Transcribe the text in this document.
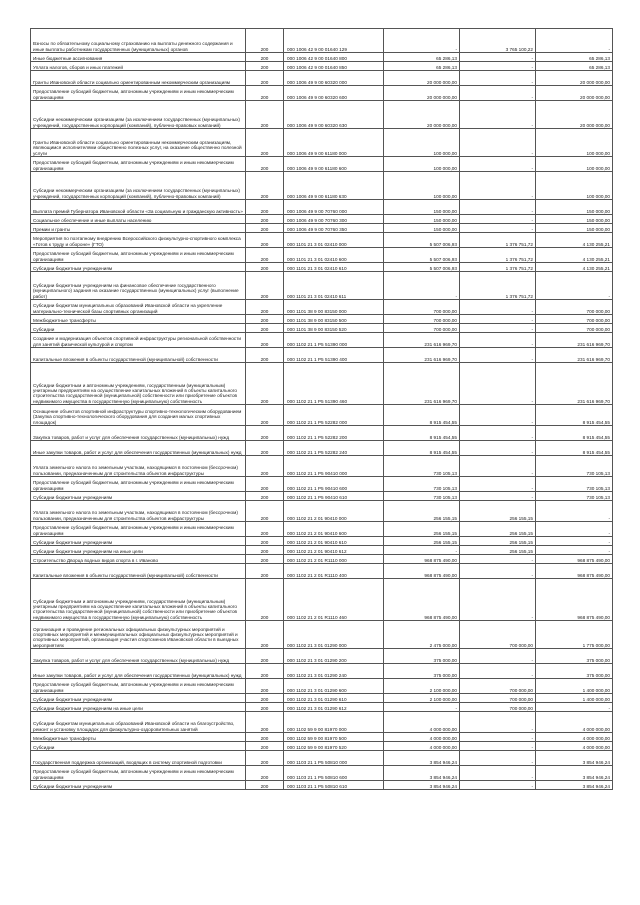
Взносы по обязательному социальному страхованию на выплаты денежного содержания и иные выплаты работникам государственных (муниципальных) органов	200	000 1006 42 9 00 01640 129	-	3 765 100,22	-
Иные бюджетные ассигнования	200	000 1006 42 9 00 01640 800	65 286,13	-	65 286,13
Уплата налогов, сборов и иных платежей	200	000 1006 42 9 00 01640 850	65 286,13	-	65 286,13
Гранты Ивановской области социально ориентированным некоммерческим организациям	200	000 1006 49 9 00 60320 000	20 000 000,00	-	20 000 000,00
Предоставление субсидий бюджетным, автономным учреждениям и иным некоммерческим организациям	200	000 1006 49 9 00 60320 600	20 000 000,00	-	20 000 000,00
Субсидии некоммерческим организациям (за исключением государственных (муниципальных) учреждений, государственных корпораций (компаний), публично-правовых компаний)	200	000 1006 49 9 00 60320 630	20 000 000,00	-	20 000 000,00
Гранты Ивановской области социально ориентированным некоммерческим организациям, являющимся исполнителями общественно полезных услуг, на оказание общественно полезной услуги	200	000 1006 49 9 00 61180 000	100 000,00	-	100 000,00
Предоставление субсидий бюджетным, автономным учреждениям и иным некоммерческим организациям	200	000 1006 49 9 00 61180 600	100 000,00	-	100 000,00
Субсидии некоммерческим организациям (за исключением государственных (муниципальных) учреждений, государственных корпораций (компаний), публично-правовых компаний)	200	000 1006 49 9 00 61180 630	100 000,00	-	100 000,00
Выплата премий Губернатора Ивановской области «За социальную и гражданскую активность»	200	000 1006 49 9 00 70760 000	150 000,00	-	150 000,00
Социальное обеспечение и иные выплаты населению	200	000 1006 49 9 00 70760 300	150 000,00	-	150 000,00
Премии и гранты	200	000 1006 49 9 00 70760 350	150 000,00	-	150 000,00
Мероприятия по поэтапному внедрению Всероссийского физкультурно-спортивного комплекса «Готов к труду и обороне» (ГТО)	200	000 1101 21 3 01 02410 000	5 507 006,93	1 376 751,72	4 130 255,21
Предоставление субсидий бюджетным, автономным учреждениям и иным некоммерческим организациям	200	000 1101 21 3 01 02410 600	5 507 006,93	1 376 751,72	4 130 255,21
Субсидии бюджетным учреждениям	200	000 1101 21 3 01 02410 610	5 507 006,93	1 376 751,72	4 130 255,21
Субсидии бюджетным учреждениям на финансовое обеспечение государственного (муниципального) задания на оказание государственных (муниципальных) услуг (выполнение работ)	200	000 1101 21 3 01 02410 611	-	1 376 751,72	-
Субсидии бюджетам муниципальных образований Ивановской области на укрепление материально-технической базы спортивных организаций	200	000 1101 38 9 00 83150 000	700 000,00	-	700 000,00
Межбюджетные трансферты	200	000 1101 38 9 00 83150 500	700 000,00	-	700 000,00
Субсидии	200	000 1101 38 9 00 83150 520	700 000,00	-	700 000,00
Создание и модернизация объектов спортивной инфраструктуры региональной собственности для занятий физической культурой и спортом	200	000 1102 21 1 P5 51390 000	231 616 969,70	-	231 616 969,70
Капитальные вложения в объекты государственной (муниципальной) собственности	200	000 1102 21 1 P5 51390 400	231 616 969,70	-	231 616 969,70
Субсидии бюджетным и автономным учреждениям, государственным (муниципальным) унитарным предприятиям на осуществление капитальных вложений в объекты капитального строительства государственной (муниципальной) собственности или приобретение объектов недвижимого имущества в государственную (муниципальную) собственность	200	000 1102 21 1 P5 51390 460	231 616 969,70	-	231 616 969,70
Оснащение объектов спортивной инфраструктуры спортивно-технологическим оборудованием (Закупка спортивно-технологического оборудования для создания малых спортивных площадок)	200	000 1102 21 1 P5 52282 000	8 915 454,55	-	8 915 454,55
Закупка товаров, работ и услуг для обеспечения государственных (муниципальных) нужд	200	000 1102 21 1 P5 52282 200	8 915 454,55	-	8 915 454,55
Иные закупки товаров, работ и услуг для обеспечения государственных (муниципальных) нужд	200	000 1102 21 1 P5 52282 240	8 915 454,55	-	8 915 454,55
Уплата земельного налога по земельным участкам, находящимся в постоянном (бессрочном) пользовании, предназначенным для строительства объектов инфраструктуры	200	000 1102 21 1 P5 90410 000	730 105,13	-	730 105,13
Предоставление субсидий бюджетным, автономным учреждениям и иным некоммерческим организациям	200	000 1102 21 1 P5 90410 600	730 105,13	-	730 105,13
Субсидии бюджетным учреждениям	200	000 1102 21 1 P5 90410 610	730 105,13	-	730 105,13
Уплата земельного налога по земельным участкам, находящимся в постоянном (бессрочном) пользовании, предназначенным для строительства объектов инфраструктуры	200	000 1102 21 2 01 90410 000	256 155,15	256 155,15	-
Предоставление субсидий бюджетным, автономным учреждениям и иным некоммерческим организациям	200	000 1102 21 2 01 90410 600	256 155,15	256 155,15	-
Субсидии бюджетным учреждениям	200	000 1102 21 2 01 90410 610	256 155,15	256 155,15	-
Субсидии бюджетным учреждениям на иные цели	200	000 1102 21 2 01 90410 612	-	256 155,15	-
Строительство Дворца водных видов спорта в г. Иваново	200	000 1102 21 2 01 R1110 000	968 875 490,00	-	968 875 490,00
Капитальные вложения в объекты государственной (муниципальной) собственности	200	000 1102 21 2 01 R1110 400	968 875 490,00	-	968 875 490,00
Субсидии бюджетным и автономным учреждениям, государственным (муниципальным) унитарным предприятиям на осуществление капитальных вложений в объекты капитального строительства государственной (муниципальной) собственности или приобретение объектов недвижимого имущества в государственную (муниципальную) собственность	200	000 1102 21 2 01 R1110 460	968 875 490,00	-	968 875 490,00
Организация и проведение региональных официальных физкультурных мероприятий и спортивных мероприятий и межмуниципальных официальных физкультурных мероприятий и спортивных мероприятий, организация участия спортсменов Ивановской области в выездных мероприятиях	200	000 1102 21 3 01 01290 000	2 475 000,00	700 000,00	1 775 000,00
Закупка товаров, работ и услуг для обеспечения государственных (муниципальных) нужд	200	000 1102 21 3 01 01290 200	375 000,00	-	375 000,00
Иные закупки товаров, работ и услуг для обеспечения государственных (муниципальных) нужд	200	000 1102 21 3 01 01290 240	375 000,00	-	375 000,00
Предоставление субсидий бюджетным, автономным учреждениям и иным некоммерческим организациям	200	000 1102 21 3 01 01290 600	2 100 000,00	700 000,00	1 400 000,00
Субсидии бюджетным учреждениям	200	000 1102 21 3 01 01290 610	2 100 000,00	700 000,00	1 400 000,00
Субсидии бюджетным учреждениям на иные цели	200	000 1102 21 3 01 01290 612	-	700 000,00	-
Субсидии бюджетам муниципальных образований Ивановской области на благоустройство, ремонт и установку площадок для физкультурно-оздоровительных занятий	200	000 1102 59 9 00 81970 000	4 000 000,00	-	4 000 000,00
Межбюджетные трансферты	200	000 1102 59 9 00 81970 500	4 000 000,00	-	4 000 000,00
Субсидии	200	000 1102 59 9 00 81970 520	4 000 000,00	-	4 000 000,00
Государственная поддержка организаций, входящих в систему спортивной подготовки	200	000 1103 21 1 P5 50810 000	3 854 946,24	-	3 854 946,24
Предоставление субсидий бюджетным, автономным учреждениям и иным некоммерческим организациям	200	000 1103 21 1 P5 50810 600	3 854 946,24	-	3 854 946,24
Субсидии бюджетным учреждениям	200	000 1103 21 1 P5 50810 610	3 854 946,24	-	3 854 946,24
